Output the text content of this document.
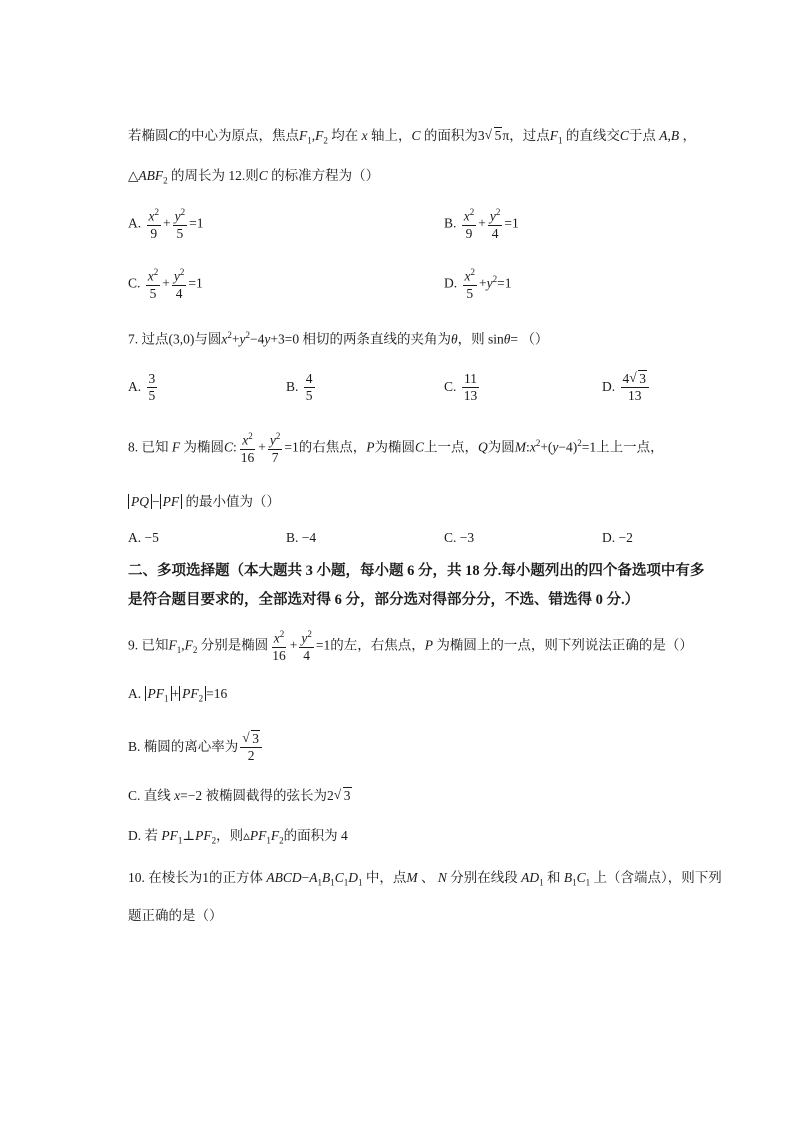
若椭圆C的中心为原点，焦点$F_1,F_2$ 均在 x 轴上，C 的面积为3 √ 5π，过点$F_1$ 的直线交C于点 A,B ，
$\triangle ABF_2$ 的周长为 12.则C 的标准方程为（）
A. $\frac{x^2}{9} + \frac{y^2}{5} =1$	B. $\frac{x^2}{9} + \frac{y^2}{4} =1$
C. $\frac{x^2}{5} + \frac{y^2}{4} =1$	D. $\frac{x^2}{5} +y^2=1$
7. 过点(3,0)与圆$x^2+y^2-4y+3=0$ 相切的两条直线的夹角为θ，则 sinθ= （）
A. $\frac{3}{5}$	B. $\frac{4}{5}$	C. $\frac{11}{13}$	D. $\frac{4 √ 3}{13}$
8. 已知 F 为椭圆C: $\frac{x^2}{16} + \frac{y^2}{7} =1$的右焦点，P为椭圆C上一点，Q为圆$M:x^2+(y-4)^2=1$上上一点，
PQ − PF 的最小值为（）
A. −5	B. −4	C. −3	D. −2
二、多项选择题（本大题共 3 小题，每小题 6 分，共 18 分.每小题列出的四个备选项中有多
是符合题目要求的，全部选对得 6 分，部分选对得部分分，不选、错选得 0 分.）
9. 已知$F_1,F_2$ 分别是椭圆 $\frac{x^2}{16} + \frac{y^2}{4} =1$的左，右焦点，P 为椭圆上的一点，则下列说法正确的是（）
A. $PF_1 + PF_2 =16$
B. 椭圆的离心率为 √ $\frac{3}{2}$
C. 直线 x=−2 被椭圆截得的弦长为2 √ 3
D. 若 $PF_1\perp PF_2$，则$▵PF_1F_2$的面积为 4
10. 在棱长为1的正方体 $ABCD-A_1B_1C_1D_1$ 中，点M 、 N 分别在线段 $AD_1$ 和 $B_1C_1$ 上（含端点），则下列
题正确的是（）
